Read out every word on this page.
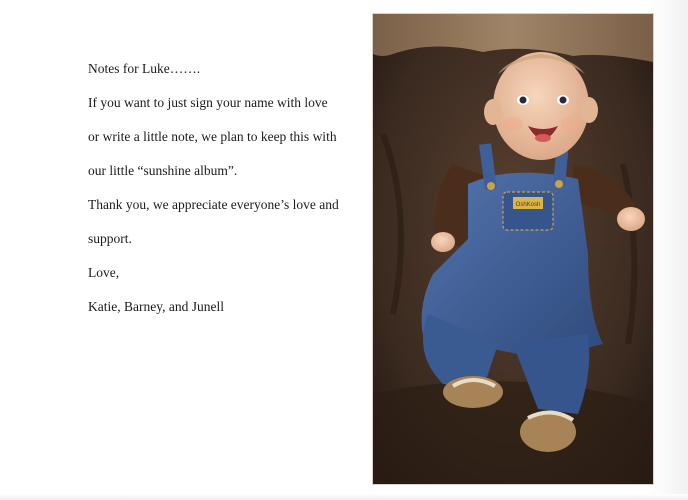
Notes for Luke…….

If you want to just sign your name with love

or write a little note, we plan to keep this with

our little “sunshine album”.

Thank you, we appreciate everyone’s love and

support.

Love,

Katie, Barney, and Junell

OshKosh
